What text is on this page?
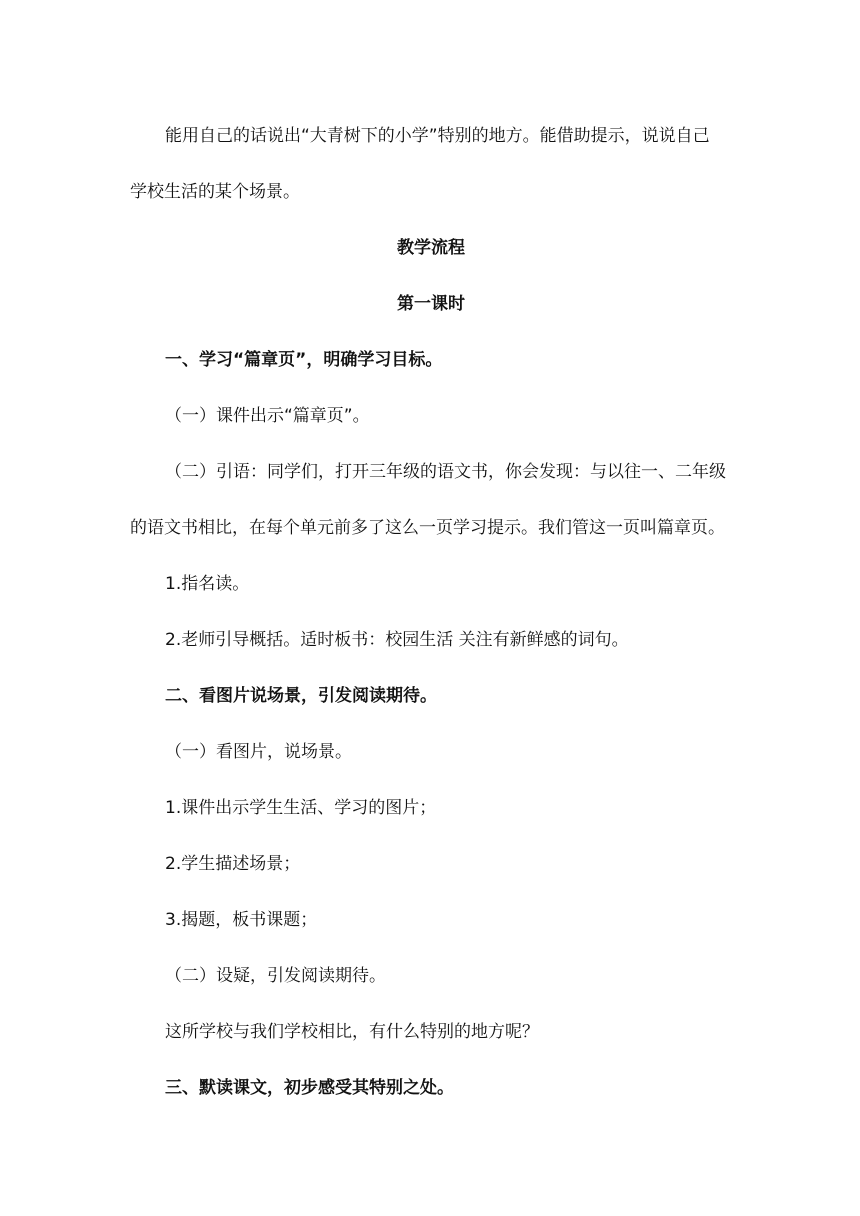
能用自己的话说出“大青树下的小学”特别的地方。能借助提示，说说自己

学校生活的某个场景。

教学流程

第一课时

一、学习“篇章页”，明确学习目标。

（一）课件出示“篇章页”。

（二）引语：同学们，打开三年级的语文书，你会发现：与以往一、二年级

的语文书相比，在每个单元前多了这么一页学习提示。我们管这一页叫篇章页。

1.指名读。

2.老师引导概括。适时板书：校园生活 关注有新鲜感的词句。

二、看图片说场景，引发阅读期待。

（一）看图片，说场景。

1.课件出示学生生活、学习的图片；

2.学生描述场景；

3.揭题，板书课题；

（二）设疑，引发阅读期待。

这所学校与我们学校相比，有什么特别的地方呢？

三、默读课文，初步感受其特别之处。
